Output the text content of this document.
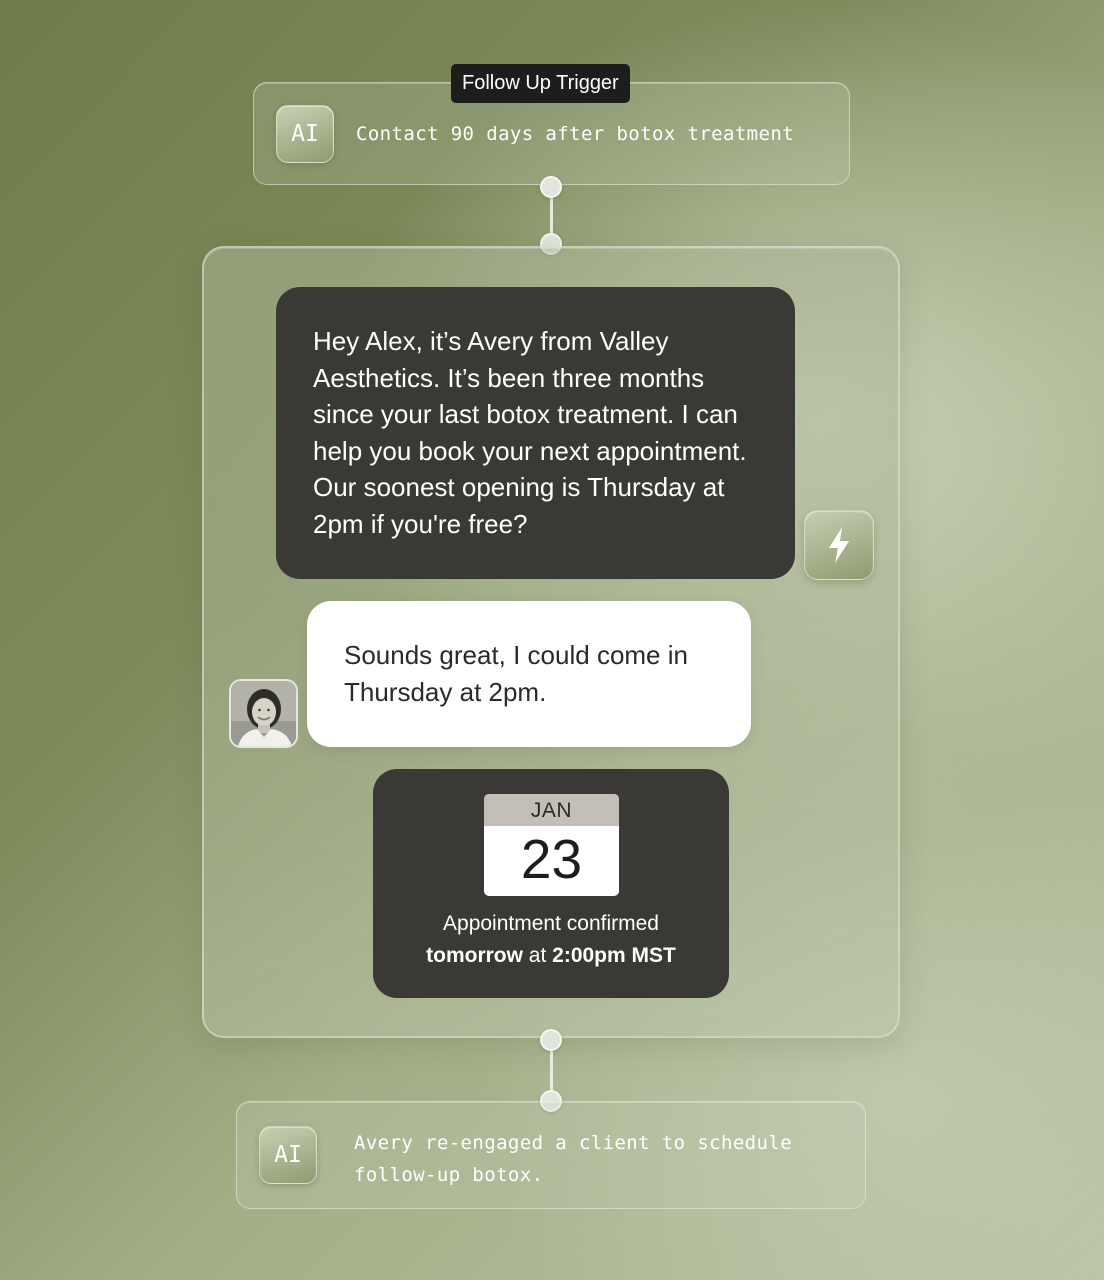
Follow Up Trigger
AI	Contact 90 days after botox treatment
Hey Alex, it’s Avery from Valley Aesthetics. It’s been three months since your last botox treatment. I can help you book your next appointment. Our soonest opening is Thursday at 2pm if you're free?
Sounds great, I could come in Thursday at 2pm.
JAN
23
Appointment confirmed
tomorrow at 2:00pm MST
AI	Avery re-engaged a client to schedule follow-up botox.
